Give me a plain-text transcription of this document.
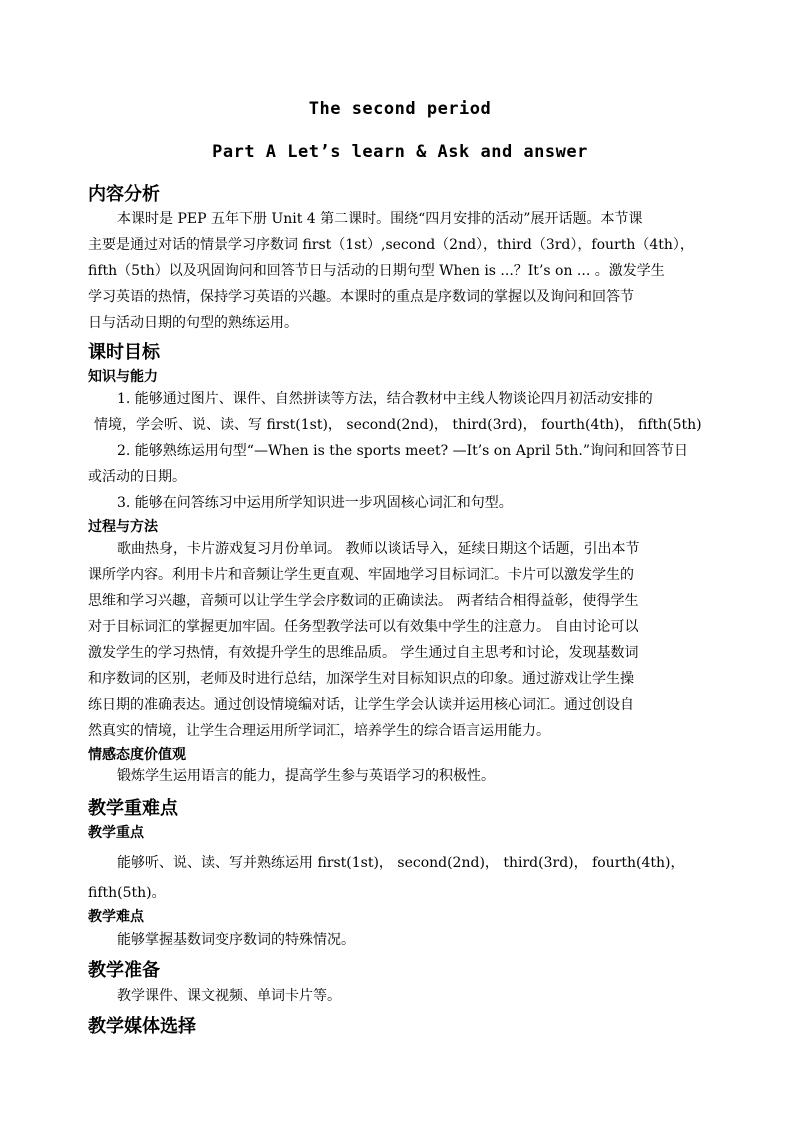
The second period
Part A Let’s learn & Ask and answer
内容分析
本课时是 PEP 五年下册 Unit 4 第二课时。围绕“四月安排的活动”展开话题。本节课
主要是通过对话的情景学习序数词 first（1st）,second（2nd），third（3rd），fourth（4th），
fifth（5th）以及巩固询问和回答节日与活动的日期句型 When is ...？It’s on ... 。激发学生
学习英语的热情，保持学习英语的兴趣。本课时的重点是序数词的掌握以及询问和回答节
日与活动日期的句型的熟练运用。
课时目标
知识与能力
1. 能够通过图片、课件、自然拼读等方法，结合教材中主线人物谈论四月初活动安排的
情境，学会听、说、读、写 first(1st)， second(2nd)， third(3rd)， fourth(4th)， fifth(5th)
2. 能够熟练运用句型“—When is the sports meet? —It’s on April 5th.”询问和回答节日
或活动的日期。
3. 能够在问答练习中运用所学知识进一步巩固核心词汇和句型。
过程与方法
歌曲热身，卡片游戏复习月份单词。 教师以谈话导入，延续日期这个话题，引出本节
课所学内容。利用卡片和音频让学生更直观、牢固地学习目标词汇。卡片可以激发学生的
思维和学习兴趣，音频可以让学生学会序数词的正确读法。 两者结合相得益彰，使得学生
对于目标词汇的掌握更加牢固。任务型教学法可以有效集中学生的注意力。 自由讨论可以
激发学生的学习热情，有效提升学生的思维品质。 学生通过自主思考和讨论，发现基数词
和序数词的区别，老师及时进行总结，加深学生对目标知识点的印象。通过游戏让学生操
练日期的准确表达。通过创设情境编对话，让学生学会认读并运用核心词汇。通过创设自
然真实的情境，让学生合理运用所学词汇，培养学生的综合语言运用能力。
情感态度价值观
锻炼学生运用语言的能力，提高学生参与英语学习的积极性。
教学重难点
教学重点
能够听、说、读、写并熟练运用 first(1st)， second(2nd)， third(3rd)， fourth(4th)，
fifth(5th)。
教学难点
能够掌握基数词变序数词的特殊情况。
教学准备
教学课件、课文视频、单词卡片等。
教学媒体选择
